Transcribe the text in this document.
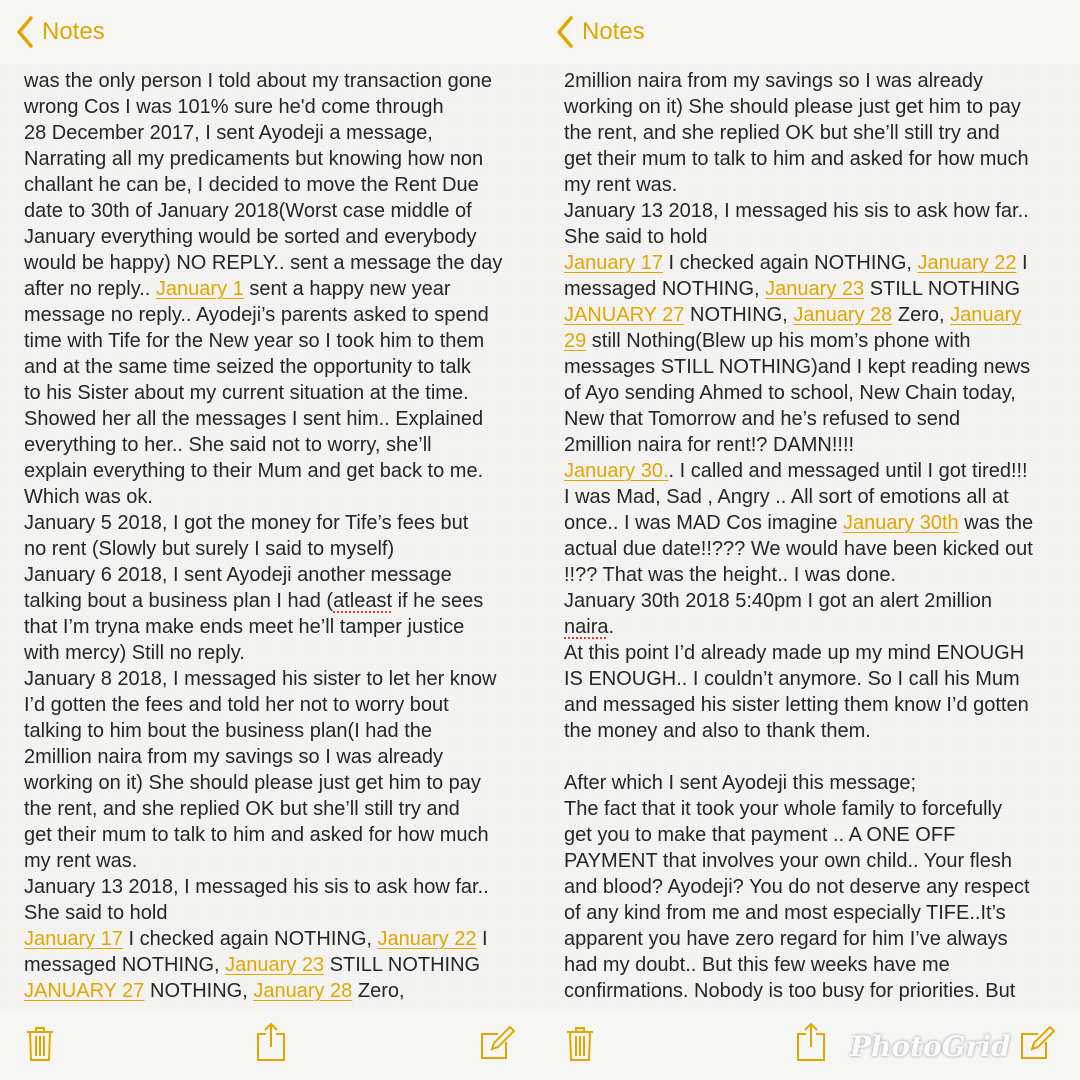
was the only person I told about my transaction gone
wrong Cos I was 101% sure he'd come through
28 December 2017, I sent Ayodeji a message,
Narrating all my predicaments but knowing how non
challant he can be, I decided to move the Rent Due
date to 30th of January 2018(Worst case middle of
January everything would be sorted and everybody
would be happy) NO REPLY.. sent a message the day
after no reply.. January 1 sent a happy new year
message no reply.. Ayodeji’s parents asked to spend
time with Tife for the New year so I took him to them
and at the same time seized the opportunity to talk
to his Sister about my current situation at the time.
Showed her all the messages I sent him.. Explained
everything to her.. She said not to worry, she’ll
explain everything to their Mum and get back to me.
Which was ok.
January 5 2018, I got the money for Tife’s fees but
no rent (Slowly but surely I said to myself)
January 6 2018, I sent Ayodeji another message
talking bout a business plan I had (atleast if he sees
that I’m tryna make ends meet he’ll tamper justice
with mercy) Still no reply.
January 8 2018, I messaged his sister to let her know
I’d gotten the fees and told her not to worry bout
talking to him bout the business plan(I had the
2million naira from my savings so I was already
working on it) She should please just get him to pay
the rent, and she replied OK but she’ll still try and
get their mum to talk to him and asked for how much
my rent was.
January 13 2018, I messaged his sis to ask how far..
She said to hold
January 17 I checked again NOTHING, January 22 I
messaged NOTHING, January 23 STILL NOTHING
JANUARY 27 NOTHING, January 28 Zero,
Notes
2million naira from my savings so I was already
working on it) She should please just get him to pay
the rent, and she replied OK but she’ll still try and
get their mum to talk to him and asked for how much
my rent was.
January 13 2018, I messaged his sis to ask how far..
She said to hold
January 17 I checked again NOTHING, January 22 I
messaged NOTHING, January 23 STILL NOTHING
JANUARY 27 NOTHING, January 28 Zero, January
29 still Nothing(Blew up his mom’s phone with
messages STILL NOTHING)and I kept reading news
of Ayo sending Ahmed to school, New Chain today,
New that Tomorrow and he’s refused to send
2million naira for rent!? DAMN!!!!
January 30.. I called and messaged until I got tired!!!
I was Mad, Sad , Angry .. All sort of emotions all at
once.. I was MAD Cos imagine January 30th was the
actual due date!!??? We would have been kicked out
!!?? That was the height.. I was done.
January 30th 2018 5:40pm I got an alert 2million
naira.
At this point I’d already made up my mind ENOUGH
IS ENOUGH.. I couldn’t anymore. So I call his Mum
and messaged his sister letting them know I’d gotten
the money and also to thank them.
After which I sent Ayodeji this message;
The fact that it took your whole family to forcefully
get you to make that payment .. A ONE OFF
PAYMENT that involves your own child.. Your flesh
and blood? Ayodeji? You do not deserve any respect
of any kind from me and most especially TIFE..It’s
apparent you have zero regard for him I’ve always
had my doubt.. But this few weeks have me
confirmations. Nobody is too busy for priorities. But
Notes
PhotoGrid
